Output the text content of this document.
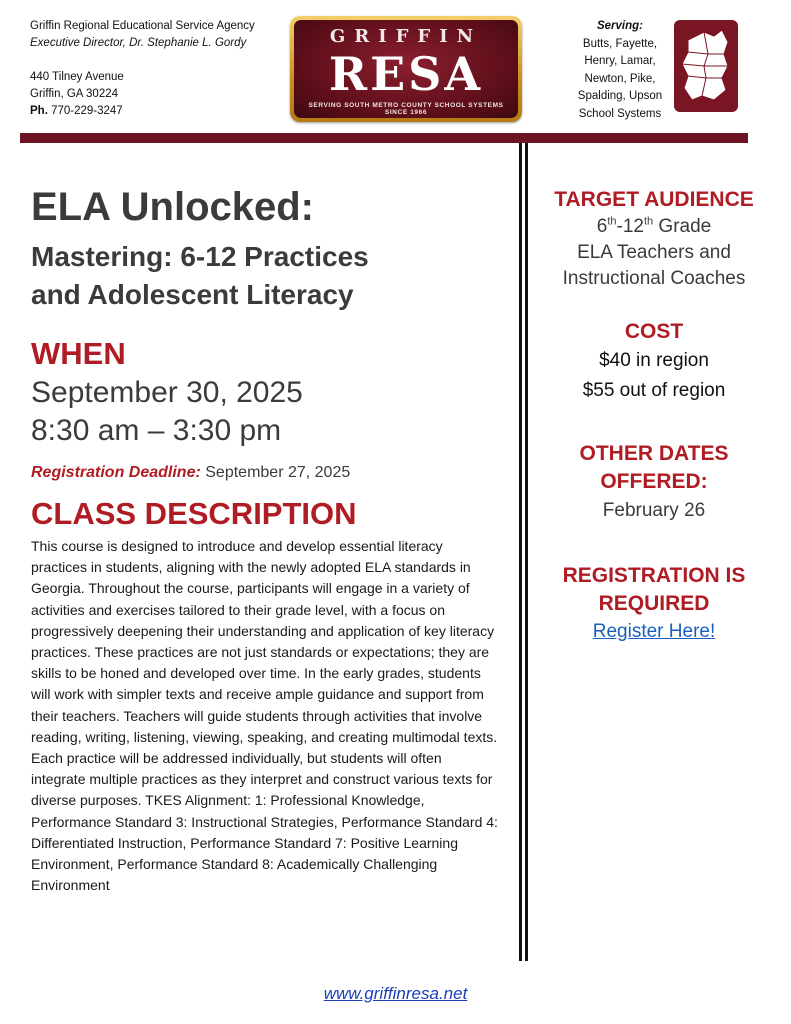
Griffin Regional Educational Service Agency
Executive Director, Dr. Stephanie L. Gordy
440 Tilney Avenue
Griffin, GA 30224
Ph. 770-229-3247
GRIFFIN
RESA
SERVING SOUTH METRO COUNTY SCHOOL SYSTEMS
SINCE 1966
Serving:
Butts, Fayette,
Henry, Lamar,
Newton, Pike,
Spalding, Upson
School Systems
ELA Unlocked:
Mastering: 6-12 Practices
and Adolescent Literacy
WHEN
September 30, 2025
8:30 am – 3:30 pm
Registration Deadline: September 27, 2025
CLASS DESCRIPTION
This course is designed to introduce and develop essential literacy practices in students, aligning with the newly adopted ELA standards in Georgia. Throughout the course, participants will engage in a variety of activities and exercises tailored to their grade level, with a focus on progressively deepening their understanding and application of key literacy practices. These practices are not just standards or expectations; they are skills to be honed and developed over time. In the early grades, students will work with simpler texts and receive ample guidance and support from their teachers. Teachers will guide students through activities that involve reading, writing, listening, viewing, speaking, and creating multimodal texts. Each practice will be addressed individually, but students will often integrate multiple practices as they interpret and construct various texts for diverse purposes. TKES Alignment: 1: Professional Knowledge, Performance Standard 3: Instructional Strategies, Performance Standard 4: Differentiated Instruction, Performance Standard 7: Positive Learning Environment, Performance Standard 8: Academically Challenging Environment
TARGET AUDIENCE
6th-12th Grade
ELA Teachers and
Instructional Coaches
COST
$40 in region
$55 out of region
OTHER DATES
OFFERED:
February 26
REGISTRATION IS
REQUIRED
Register Here!
www.griffinresa.net
